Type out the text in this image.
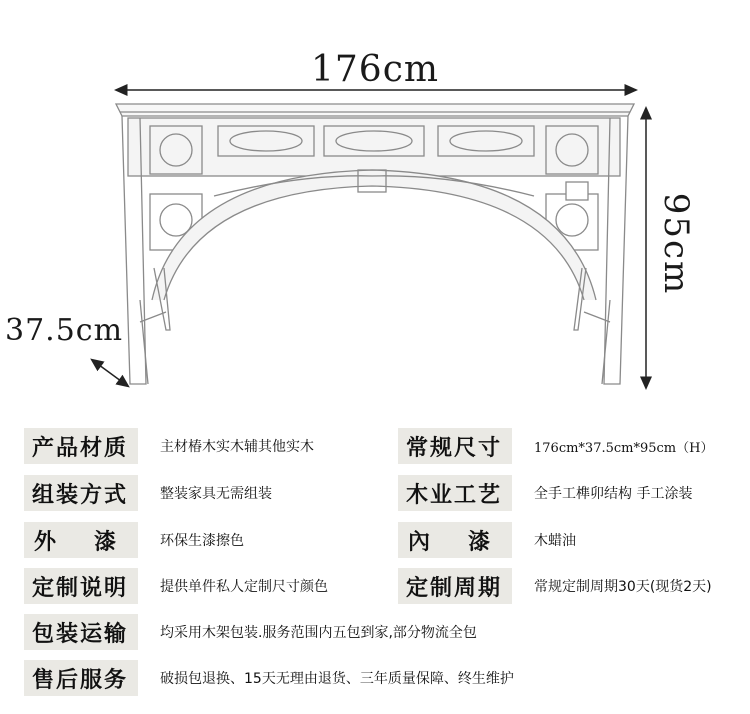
176cm
37.5cm
95cm
产品材质	主材椿木实木辅其他实木	常规尺寸	176cm*37.5cm*95cm（H）
组装方式	整装家具无需组装	木业工艺	全手工榫卯结构 手工涂装
外 漆	环保生漆擦色	內 漆	木蜡油
定制说明	提供单件私人定制尺寸颜色	定制周期	常规定制周期30天(现货2天)
包装运输	均采用木架包装.服务范围内五包到家,部分物流全包
售后服务	破损包退换、15天无理由退货、三年质量保障、终生维护
